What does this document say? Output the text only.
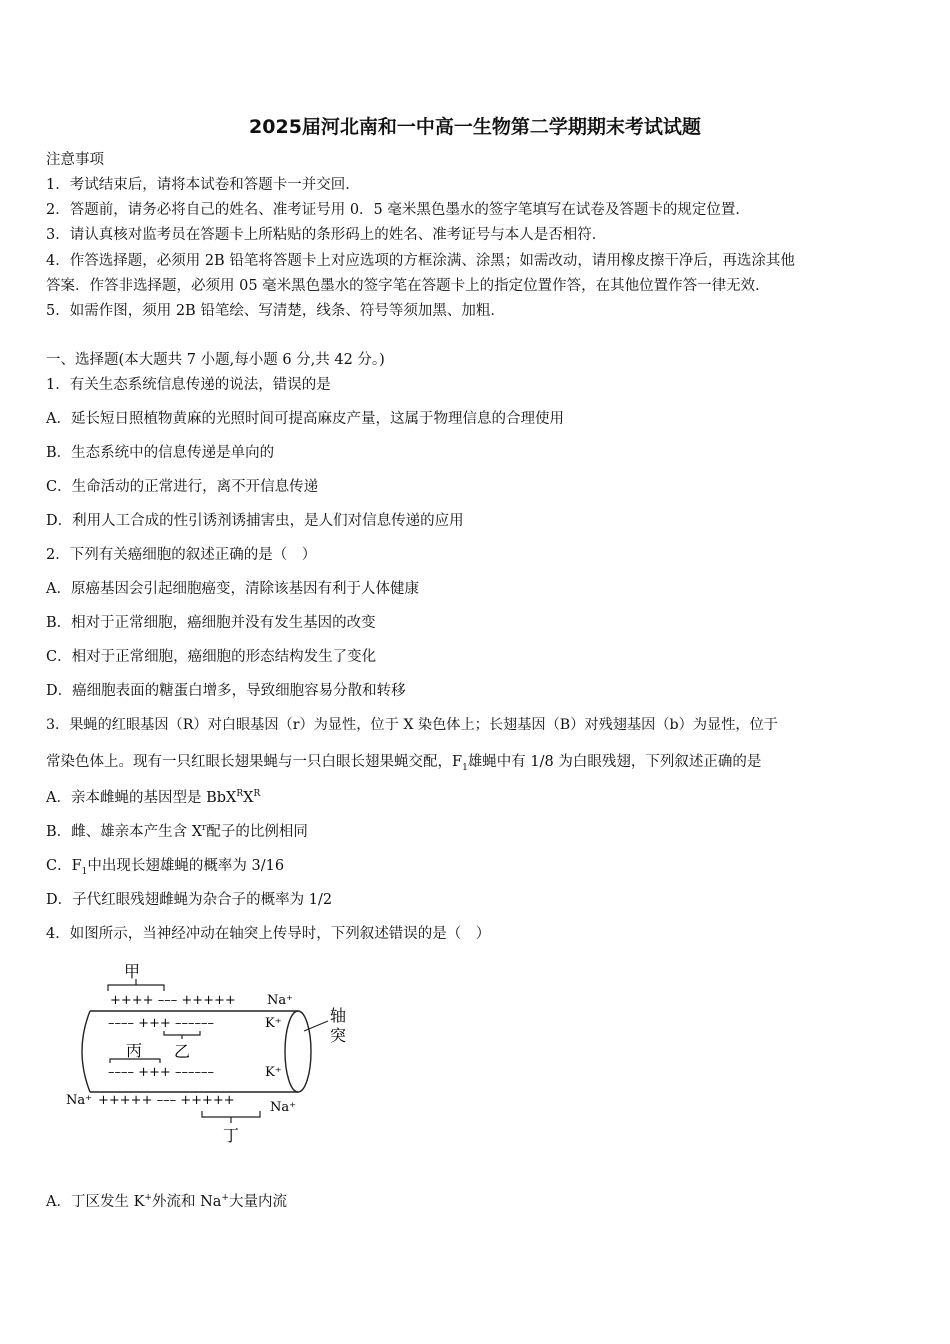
2025届河北南和一中高一生物第二学期期末考试试题
注意事项
1．考试结束后，请将本试卷和答题卡一并交回．
2．答题前，请务必将自己的姓名、准考证号用 0．5 毫米黑色墨水的签字笔填写在试卷及答题卡的规定位置．
3．请认真核对监考员在答题卡上所粘贴的条形码上的姓名、准考证号与本人是否相符．
4．作答选择题，必须用 2B 铅笔将答题卡上对应选项的方框涂满、涂黑；如需改动，请用橡皮擦干净后，再选涂其他
答案．作答非选择题，必须用 05 毫米黑色墨水的签字笔在答题卡上的指定位置作答，在其他位置作答一律无效．
5．如需作图，须用 2B 铅笔绘、写清楚，线条、符号等须加黑、加粗．
一、选择题(本大题共 7 小题,每小题 6 分,共 42 分。)
1．有关生态系统信息传递的说法，错误的是
A．延长短日照植物黄麻的光照时间可提高麻皮产量，这属于物理信息的合理使用
B．生态系统中的信息传递是单向的
C．生命活动的正常进行，离不开信息传递
D．利用人工合成的性引诱剂诱捕害虫，是人们对信息传递的应用
2．下列有关癌细胞的叙述正确的是（　）
A．原癌基因会引起细胞癌变，清除该基因有利于人体健康
B．相对于正常细胞，癌细胞并没有发生基因的改变
C．相对于正常细胞，癌细胞的形态结构发生了变化
D．癌细胞表面的糖蛋白增多，导致细胞容易分散和转移
3．果蝇的红眼基因（R）对白眼基因（r）为显性，位于 X 染色体上；长翅基因（B）对残翅基因（b）为显性，位于
常染色体上。现有一只红眼长翅果蝇与一只白眼长翅果蝇交配，$F_1$雄蝇中有 1/8 为白眼残翅，下列叙述正确的是
A．亲本雌蝇的基因型是 $BbX^RX^R$
B．雌、雄亲本产生含 $X^r$配子的比例相同
C．$F_1$中出现长翅雄蝇的概率为 3/16
D．子代红眼残翅雌蝇为杂合子的概率为 1/2
4．如图所示，当神经冲动在轴突上传导时，下列叙述错误的是（　）
甲
++++ ––– +++++ Na⁺
–––– +++ ––––––	K⁺
乙
丙
–––– +++ ––––––	K⁺
Na⁺ +++++ ––– +++++	Na⁺
丁
轴突
A．丁区发生 K+外流和 Na+大量内流
